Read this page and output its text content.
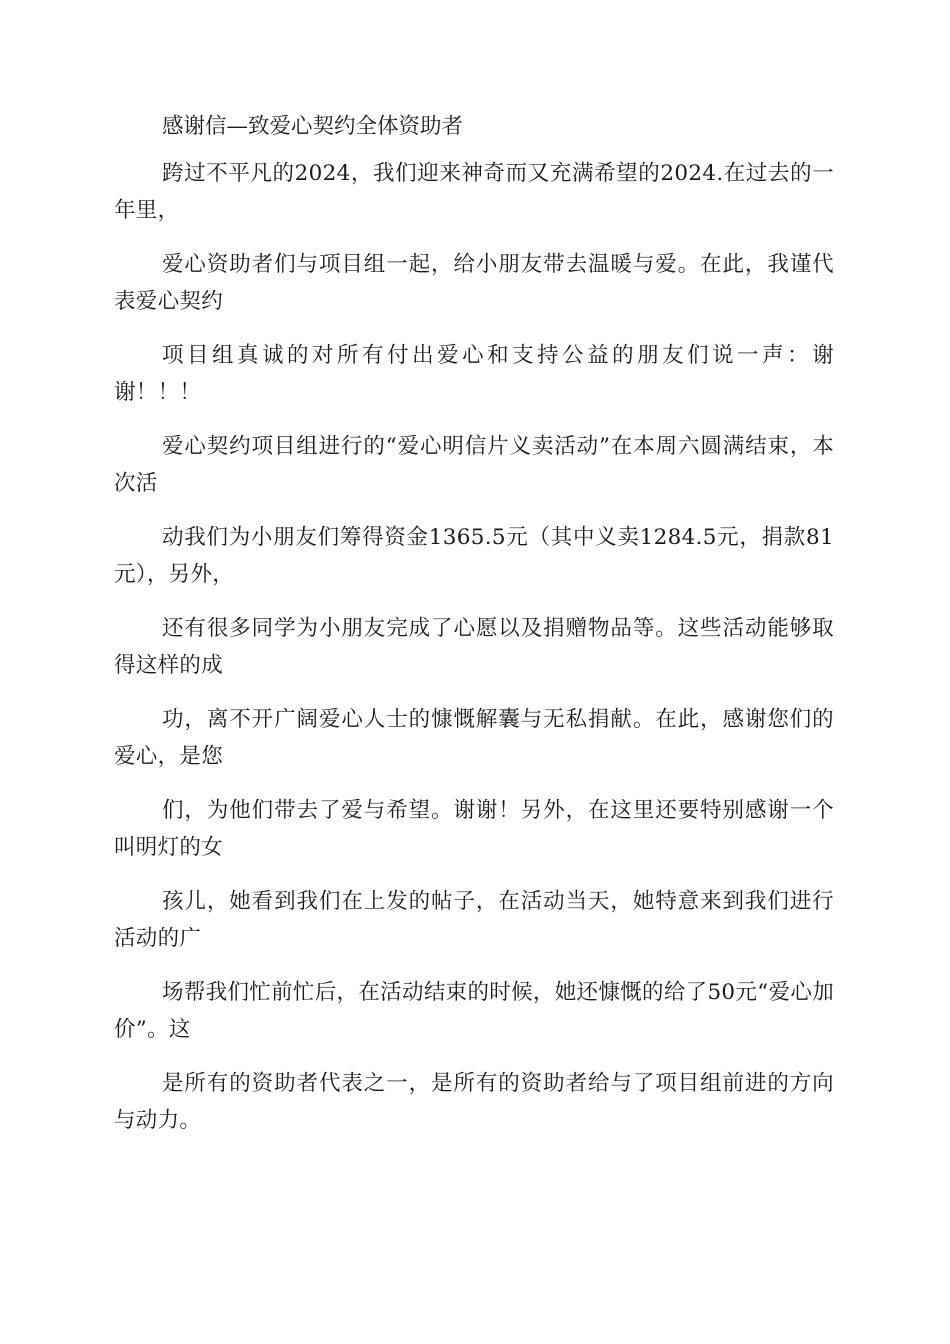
感谢信—致爱心契约全体资助者

跨过不平凡的2024，我们迎来神奇而又充满希望的2024.在过去的一年里，

爱心资助者们与项目组一起，给小朋友带去温暖与爱。在此，我谨代表爱心契约

项目组真诚的对所有付出爱心和支持公益的朋友们说一声：谢谢！！！

爱心契约项目组进行的“爱心明信片义卖活动”在本周六圆满结束，本次活

动我们为小朋友们筹得资金1365.5元（其中义卖1284.5元，捐款81元），另外，

还有很多同学为小朋友完成了心愿以及捐赠物品等。这些活动能够取得这样的成

功，离不开广阔爱心人士的慷慨解囊与无私捐献。在此，感谢您们的爱心，是您

们，为他们带去了爱与希望。谢谢！另外，在这里还要特别感谢一个叫明灯的女

孩儿，她看到我们在上发的帖子，在活动当天，她特意来到我们进行活动的广

场帮我们忙前忙后，在活动结束的时候，她还慷慨的给了50元“爱心加价”。这

是所有的资助者代表之一，是所有的资助者给与了项目组前进的方向与动力。
